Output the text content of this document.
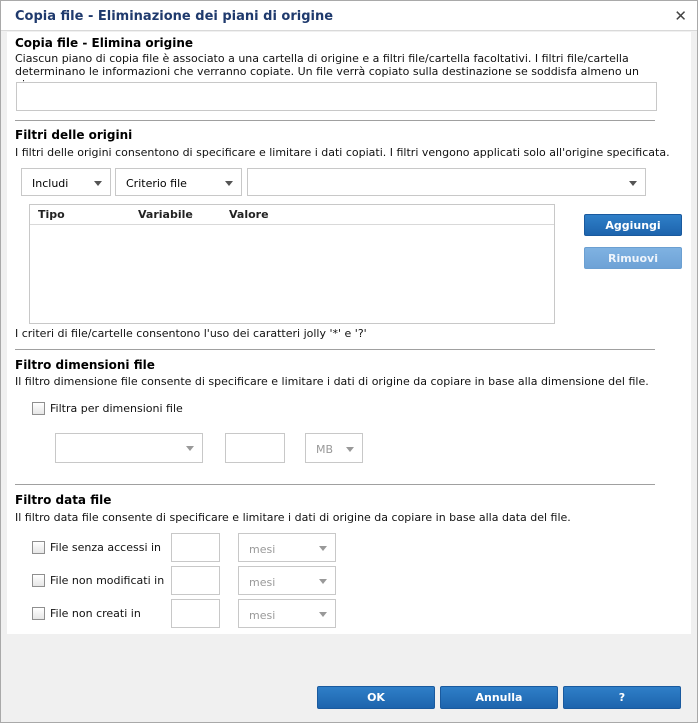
Copia file - Eliminazione dei piani di origine	✕
Copia file - Elimina origine
Ciascun piano di copia file è associato a una cartella di origine e a filtri file/cartella facoltativi. I filtri file/cartella determinano le informazioni che verranno copiate. Un file verrà copiato sulla destinazione se soddisfa almeno un
Filtri delle origini
I filtri delle origini consentono di specificare e limitare i dati copiati. I filtri vengono applicati solo all'origine specificata.
Includi	Criterio file
Tipo	Variabile	Valore
Aggiungi
Rimuovi
I criteri di file/cartelle consentono l'uso dei caratteri jolly '*' e '?'
Filtro dimensioni file
Il filtro dimensione file consente di specificare e limitare i dati di origine da copiare in base alla dimensione del file.
Filtra per dimensioni file
MB
Filtro data file
Il filtro data file consente di specificare e limitare i dati di origine da copiare in base alla data del file.
File senza accessi in	mesi
File non modificati in	mesi
File non creati in	mesi
OK	Annulla	?
